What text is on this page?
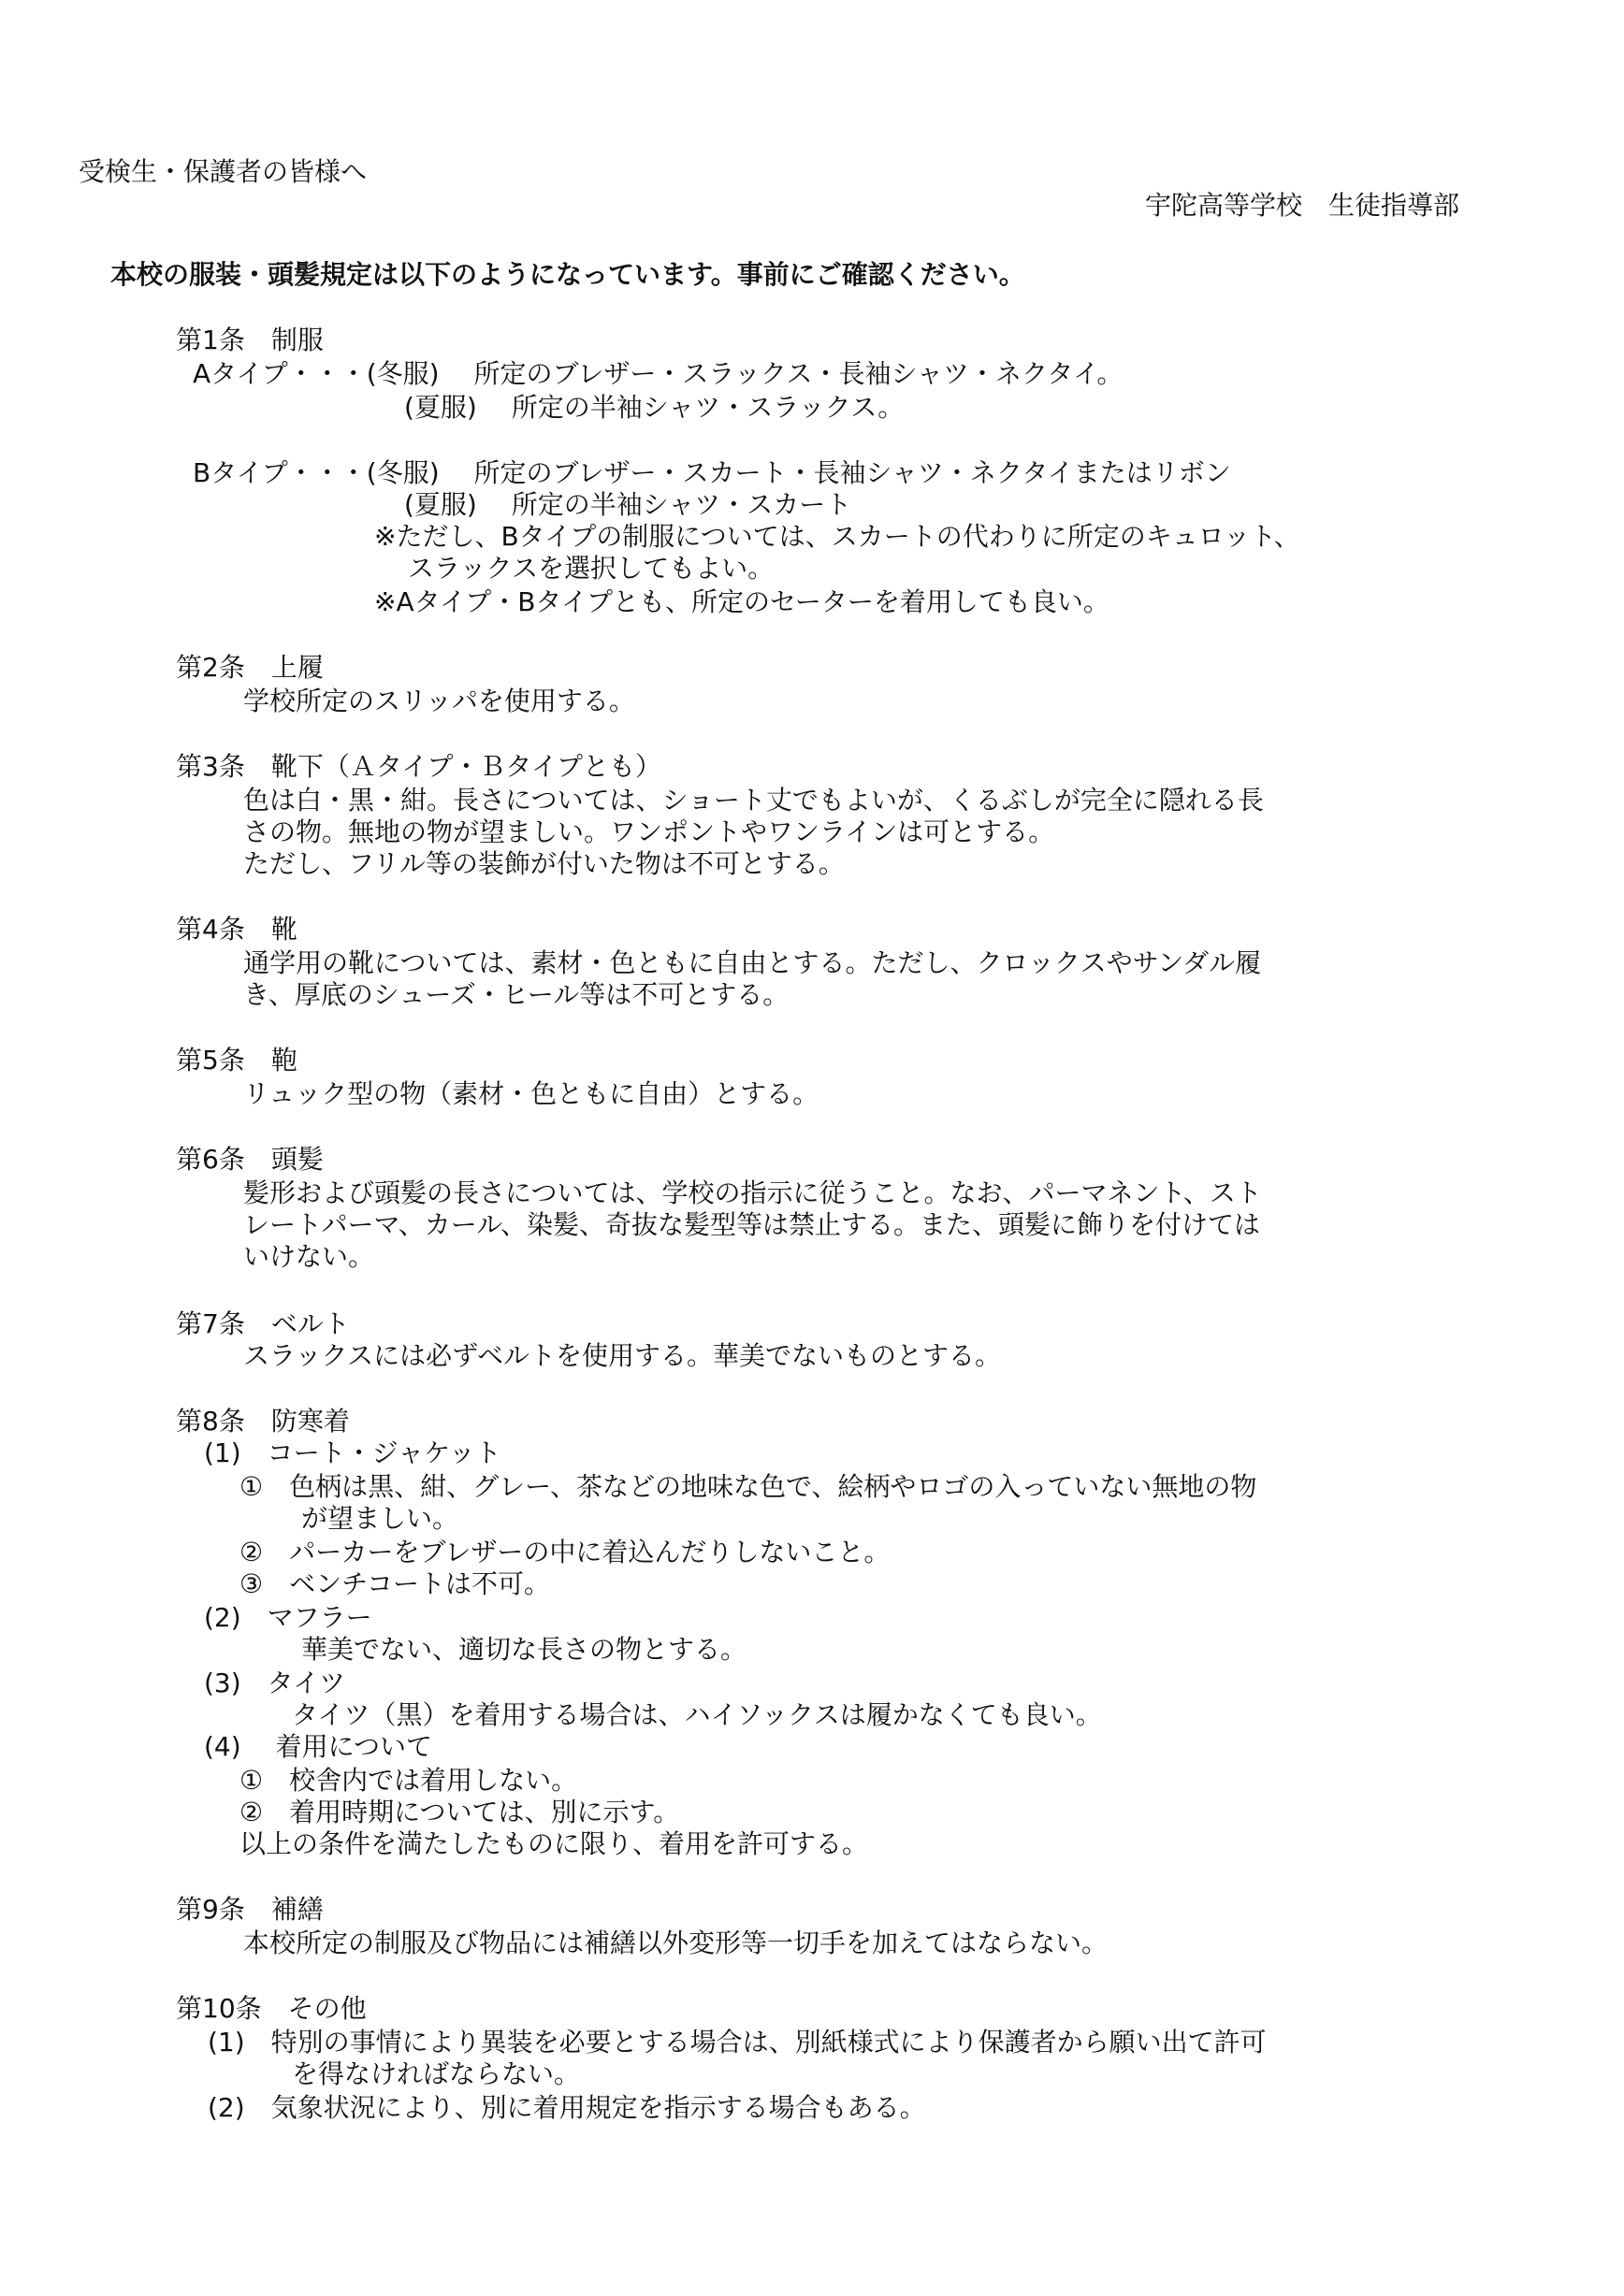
受検生・保護者の皆様へ

宇陀高等学校　生徒指導部

本校の服装・頭髪規定は以下のようになっています。事前にご確認ください。

第1条　制服

Aタイプ・・・(冬服)　 所定のブレザー・スラックス・長袖シャツ・ネクタイ。

(夏服)　 所定の半袖シャツ・スラックス。

Bタイプ・・・(冬服)　 所定のブレザー・スカート・長袖シャツ・ネクタイまたはリボン

(夏服)　 所定の半袖シャツ・スカート

※ただし、Bタイプの制服については、スカートの代わりに所定のキュロット、

スラックスを選択してもよい。

※Aタイプ・Bタイプとも、所定のセーターを着用しても良い。

第2条　上履

学校所定のスリッパを使用する。

第3条　靴下（Ａタイプ・Ｂタイプとも）

色は白・黒・紺。長さについては、ショート丈でもよいが、くるぶしが完全に隠れる長

さの物。無地の物が望ましい。ワンポントやワンラインは可とする。

ただし、フリル等の装飾が付いた物は不可とする。

第4条　靴

通学用の靴については、素材・色ともに自由とする。ただし、クロックスやサンダル履

き、厚底のシューズ・ヒール等は不可とする。

第5条　鞄

リュック型の物（素材・色ともに自由）とする。

第6条　頭髪

髪形および頭髪の長さについては、学校の指示に従うこと。なお、パーマネント、スト

レートパーマ、カール、染髪、奇抜な髪型等は禁止する。また、頭髪に飾りを付けては

いけない。

第7条　ベルト

スラックスには必ずベルトを使用する。華美でないものとする。

第8条　防寒着

(1)　コート・ジャケット

①　色柄は黒、紺、グレー、茶などの地味な色で、絵柄やロゴの入っていない無地の物

が望ましい。

②　パーカーをブレザーの中に着込んだりしないこと。

③　ベンチコートは不可。

(2)　マフラー

華美でない、適切な長さの物とする。

(3)　タイツ

タイツ（黒）を着用する場合は、ハイソックスは履かなくても良い。

(4)　 着用について

①　校舎内では着用しない。

②　着用時期については、別に示す。

以上の条件を満たしたものに限り、着用を許可する。

第9条　補繕

本校所定の制服及び物品には補繕以外変形等一切手を加えてはならない。

第10条　その他

(1)　特別の事情により異装を必要とする場合は、別紙様式により保護者から願い出て許可

を得なければならない。

(2)　気象状況により、別に着用規定を指示する場合もある。
